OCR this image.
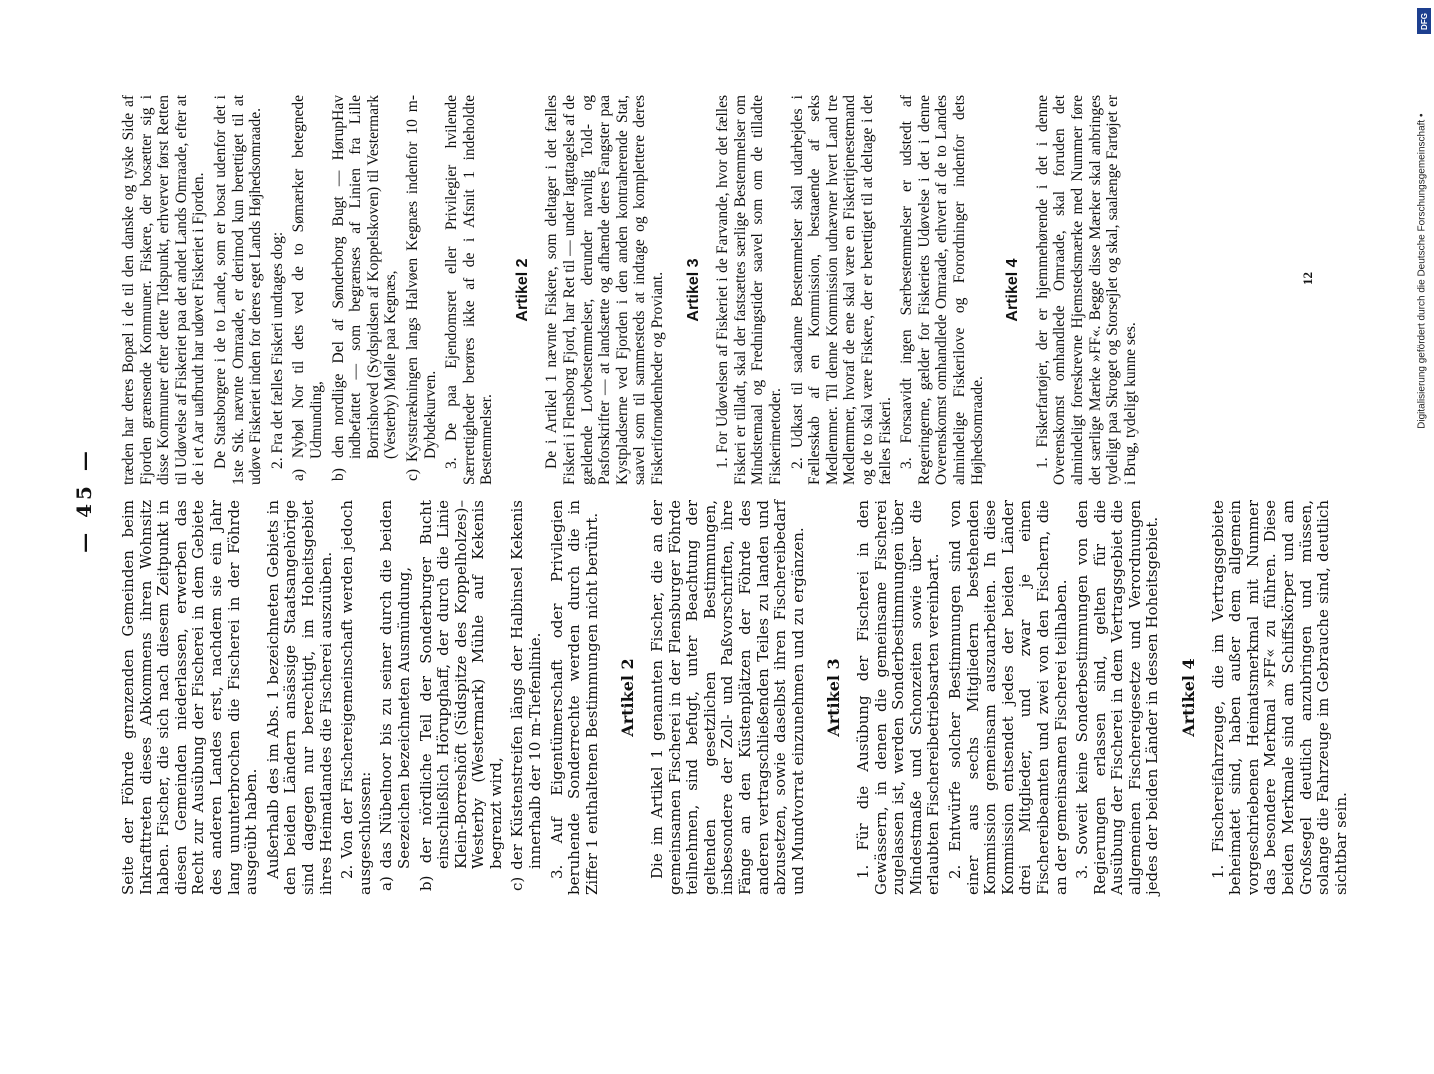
— 45 —	Seite der Föhrde grenzenden Gemeinden beim Inkrafttreten dieses Abkommens ihren Wohnsitz haben. Fischer, die sich nach diesem Zeitpunkt in diesen Gemeinden niederlassen, erwerben das Recht zur Ausübung der Fischerei in dem Gebiete des anderen Landes erst, nachdem sie ein Jahr lang ununterbrochen die Fischerei in der Föhrde ausgeübt haben. Außerhalb des im Abs. 1 bezeichneten Gebiets in den beiden Ländern ansässige Staatsangehörige sind dagegen nur berechtigt, im Hoheitsgebiet ihres Heimatlandes die Fischerei auszuüben. 2. Von der Fischereigemeinschaft werden jedoch ausgeschlossen: a) das Nübelnoor bis zu seiner durch die beiden Seezeichen bezeichneten Ausmündung, b) der nördliche Teil der Sonderburger Bucht einschließlich Hörupghaff, der durch die Linie Klein-Borreshöft (Südspitze des Koppelholzes)–Westerby (Westermark) Mühle auf Kekenis begrenzt wird, c) der Küstenstreifen längs der Halbinsel Kekenis innerhalb der 10 m-Tiefenlinie. 3. Auf Eigentümerschaft oder Privilegien beruhende Sonderrechte werden durch die in Ziffer 1 enthaltenen Bestimmungen nicht berührt. Artikel 2 Die im Artikel 1 genannten Fischer, die an der gemeinsamen Fischerei in der Flensburger Föhrde teilnehmen, sind befugt, unter Beachtung der geltenden gesetzlichen Bestimmungen, insbesondere der Zoll- und Paßvorschriften, ihre Fänge an den Küstenplätzen der Föhrde des anderen vertragschließenden Teiles zu landen und abzusetzen, sowie daselbst ihren Fischereibedarf und Mundvorrat einzunehmen und zu ergänzen. Artikel 3 1. Für die Ausübung der Fischerei in den Gewässern, in denen die gemeinsame Fischerei zugelassen ist, werden Sonderbestimmungen über Mindestmaße und Schonzeiten sowie über die erlaubten Fischereibetriebsarten vereinbart. 2. Entwürfe solcher Bestimmungen sind von einer aus sechs Mitgliedern bestehenden Kommission gemeinsam auszuarbeiten. In diese Kommission entsendet jedes der beiden Länder drei Mitglieder, und zwar je einen Fischereibeamten und zwei von den Fischern, die an der gemeinsamen Fischerei teilhaben. 3. Soweit keine Sonderbestimmungen von den Regierungen erlassen sind, gelten für die Ausübung der Fischerei in dem Vertragsgebiet die allgemeinen Fischereigesetze und Verordnungen jedes der beiden Länder in dessen Hoheitsgebiet. Artikel 4 1. Fischereifahrzeuge, die im Vertragsgebiete beheimatet sind, haben außer dem allgemein vorgeschriebenen Heimatsmerkmal mit Nummer das besondere Merkmal »FF« zu führen. Diese beiden Merkmale sind am Schiffskörper und am Großsegel deutlich anzubringen und müssen, solange die Fahrzeuge im Gebrauche sind, deutlich sichtbar sein.

træden har deres Bopæl i de til den danske og tyske Side af Fjorden grænsende Kommuner. Fiskere, der bosætter sig i disse Kommuner efter dette Tidspunkt, erhverver først Retten til Udøvelse af Fiskeriet paa det andet Lands Omraade, efter at de i et Aar uafbrudt har udøvet Fiskeriet i Fjorden. De Statsborgere i de to Lande, som er bosat udenfor det i 1ste Stk. nævnte Omraade, er derimod kun berettiget til at udøve Fiskeriet inden for deres eget Lands Højhedsomraade. 2. Fra det fælles Fiskeri undtages dog: a) Nybøl Nor til dets ved de to Sømærker betegnede Udmunding, b) den nordlige Del af Sønderborg Bugt — HørupHav indbefattet — som begrænses af Linien fra Lille Borrishoved (Sydspidsen af Koppelskoven) til Vestermark (Vesterby) Mølle paa Kegnæs, c) Kyststrækningen langs Halvøen Kegnæs indenfor 10 m-Dybdekurven. 3. De paa Ejendomsret eller Privilegier hvilende Særrettigheder berøres ikke af de i Afsnit 1 indeholdte Bestemmelser.

Artikel 2 De i Artikel 1 nævnte Fiskere, som deltager i det fælles Fiskeri i Flensborg Fjord, har Ret til — under Iagttagelse af de gældende Lovbestemmelser, derunder navnlig Told- og Pasforskrifter — at landsætte og afhænde deres Fangster paa Kystpladserne ved Fjorden i den anden kontraherende Stat, saavel som til sammesteds at indtage og komplettere deres Fiskerifornødenheder og Proviant. Artikel 3 1. For Udøvelsen af Fiskeriet i de Farvande, hvor det fælles Fiskeri er tilladt, skal der fastsættes særlige Bestemmelser om Mindstemaal og Fredningstider saavel som om de tilladte Fiskerimetoder. 2. Udkast til saadanne Bestemmelser skal udarbejdes i Fællesskab af en Kommission, bestaaende af seks Medlemmer. Til denne Kommission udnævner hvert Land tre Medlemmer, hvoraf de ene skal være en Fiskeritjenestemand og de to skal være Fiskere, der er berettiget til at deltage i det fælles Fiskeri. 3. Forsaavidt ingen Særbestemmelser er udstedt af Regeringerne, gælder for Fiskeriets Udøvelse i det i denne Overenskomst omhandlede Omraade, ethvert af de to Landes almindelige Fiskerilove og Forordninger indenfor dets Højhedsomraade.

Artikel 4 1. Fiskerfartøjer, der er hjemmehørende i det i denne Overenskomst omhandlede Omraade, skal foruden det almindeligt foreskrevne Hjemstedsmærke med Nummer føre det særlige Mærke »FF«. Begge disse Mærker skal anbringes tydeligt paa Skroget og Storsejlet og skal, saalænge Fartøjet er i Brug, tydeligt kunne ses.

12	Digitalisierung gefördert durch die Deutsche Forschungsgemeinschaft •
DFG
